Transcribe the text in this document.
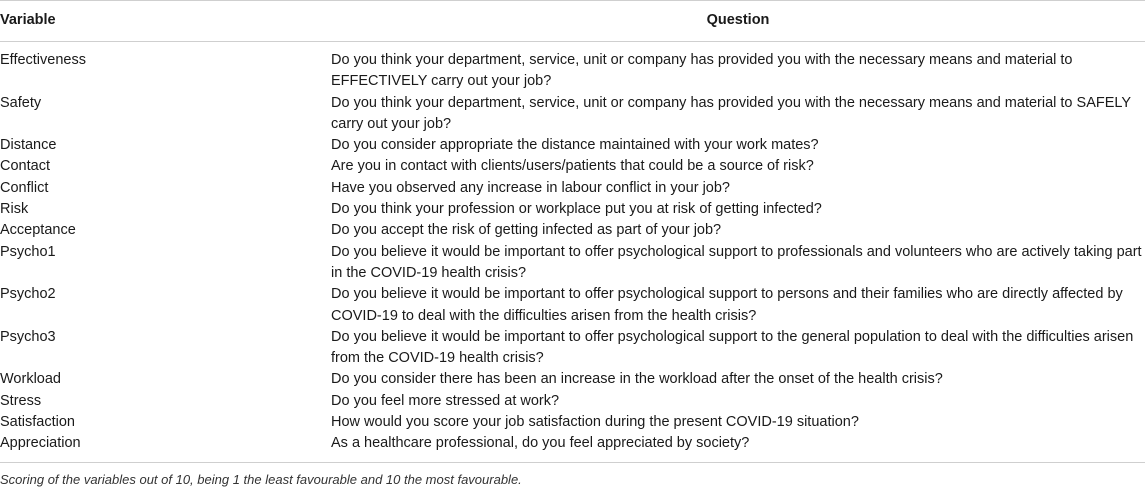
Variable	Question
Effectiveness	Do you think your department, service, unit or company has provided you with the necessary means and material to EFFECTIVELY carry out your job?
Safety	Do you think your department, service, unit or company has provided you with the necessary means and material to SAFELY carry out your job?
Distance	Do you consider appropriate the distance maintained with your work mates?
Contact	Are you in contact with clients/users/patients that could be a source of risk?
Conflict	Have you observed any increase in labour conflict in your job?
Risk	Do you think your profession or workplace put you at risk of getting infected?
Acceptance	Do you accept the risk of getting infected as part of your job?
Psycho1	Do you believe it would be important to offer psychological support to professionals and volunteers who are actively taking part in the COVID-19 health crisis?
Psycho2	Do you believe it would be important to offer psychological support to persons and their families who are directly affected by COVID-19 to deal with the difficulties arisen from the health crisis?
Psycho3	Do you believe it would be important to offer psychological support to the general population to deal with the difficulties arisen from the COVID-19 health crisis?
Workload	Do you consider there has been an increase in the workload after the onset of the health crisis?
Stress	Do you feel more stressed at work?
Satisfaction	How would you score your job satisfaction during the present COVID-19 situation?
Appreciation	As a healthcare professional, do you feel appreciated by society?
Scoring of the variables out of 10, being 1 the least favourable and 10 the most favourable.
